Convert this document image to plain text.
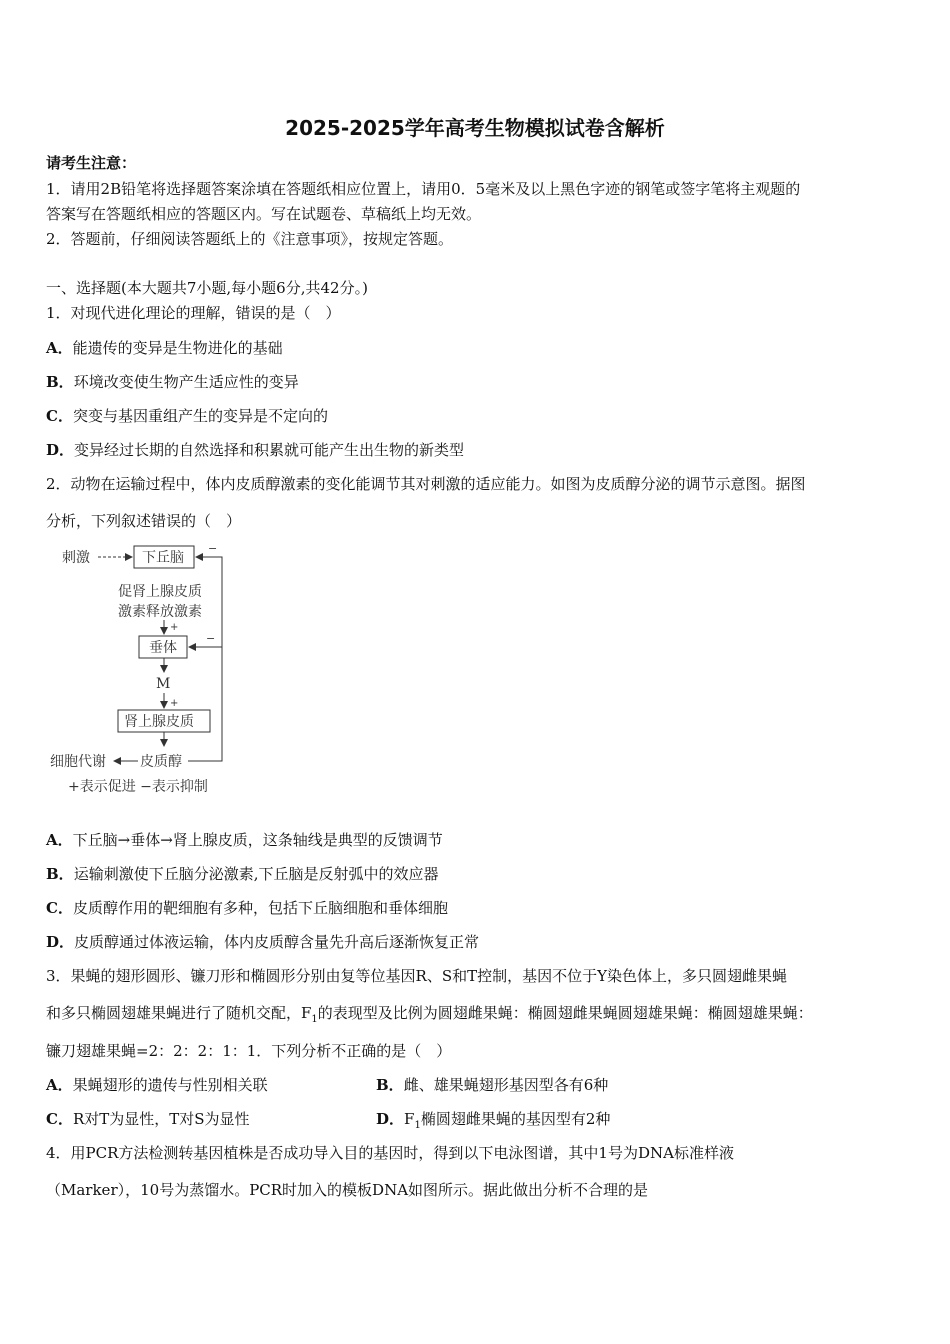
2025-2025学年高考生物模拟试卷含解析
请考生注意：
1．请用2B铅笔将选择题答案涂填在答题纸相应位置上，请用0．5毫米及以上黑色字迹的钢笔或签字笔将主观题的
答案写在答题纸相应的答题区内。写在试题卷、草稿纸上均无效。
2．答题前，仔细阅读答题纸上的《注意事项》，按规定答题。
一、选择题(本大题共7小题,每小题6分,共42分。)
1．对现代进化理论的理解，错误的是（　）
A．能遗传的变异是生物进化的基础
B．环境改变使生物产生适应性的变异
C．突变与基因重组产生的变异是不定向的
D．变异经过长期的自然选择和积累就可能产生出生物的新类型
2．动物在运输过程中，体内皮质醇激素的变化能调节其对刺激的适应能力。如图为皮质醇分泌的调节示意图。据图
分析，下列叙述错误的（　）
刺激	下丘脑
促肾上腺皮质
激素释放激素
+
垂体
M
+
肾上腺皮质
皮质醇
细胞代谢
−
−
+表示促进 −表示抑制
A．下丘脑→垂体→肾上腺皮质，这条轴线是典型的反馈调节
B．运输刺激使下丘脑分泌激素,下丘脑是反射弧中的效应器
C．皮质醇作用的靶细胞有多种，包括下丘脑细胞和垂体细胞
D．皮质醇通过体液运输，体内皮质醇含量先升高后逐渐恢复正常
3．果蝇的翅形圆形、镰刀形和椭圆形分别由复等位基因R、S和T控制，基因不位于Y染色体上，多只圆翅雌果蝇
和多只椭圆翅雄果蝇进行了随机交配，$F_1$的表现型及比例为圆翅雌果蝇：椭圆翅雌果蝇圆翅雄果蝇：椭圆翅雄果蝇：
镰刀翅雄果蝇=2：2：2：1：1．下列分析不正确的是（　）
A．果蝇翅形的遗传与性别相关联	B．雌、雄果蝇翅形基因型各有6种
C．R对T为显性，T对S为显性	D．$F_1$椭圆翅雌果蝇的基因型有2种
4．用PCR方法检测转基因植株是否成功导入目的基因时，得到以下电泳图谱，其中1号为DNA标准样液
（Marker），10号为蒸馏水。PCR时加入的模板DNA如图所示。据此做出分析不合理的是
